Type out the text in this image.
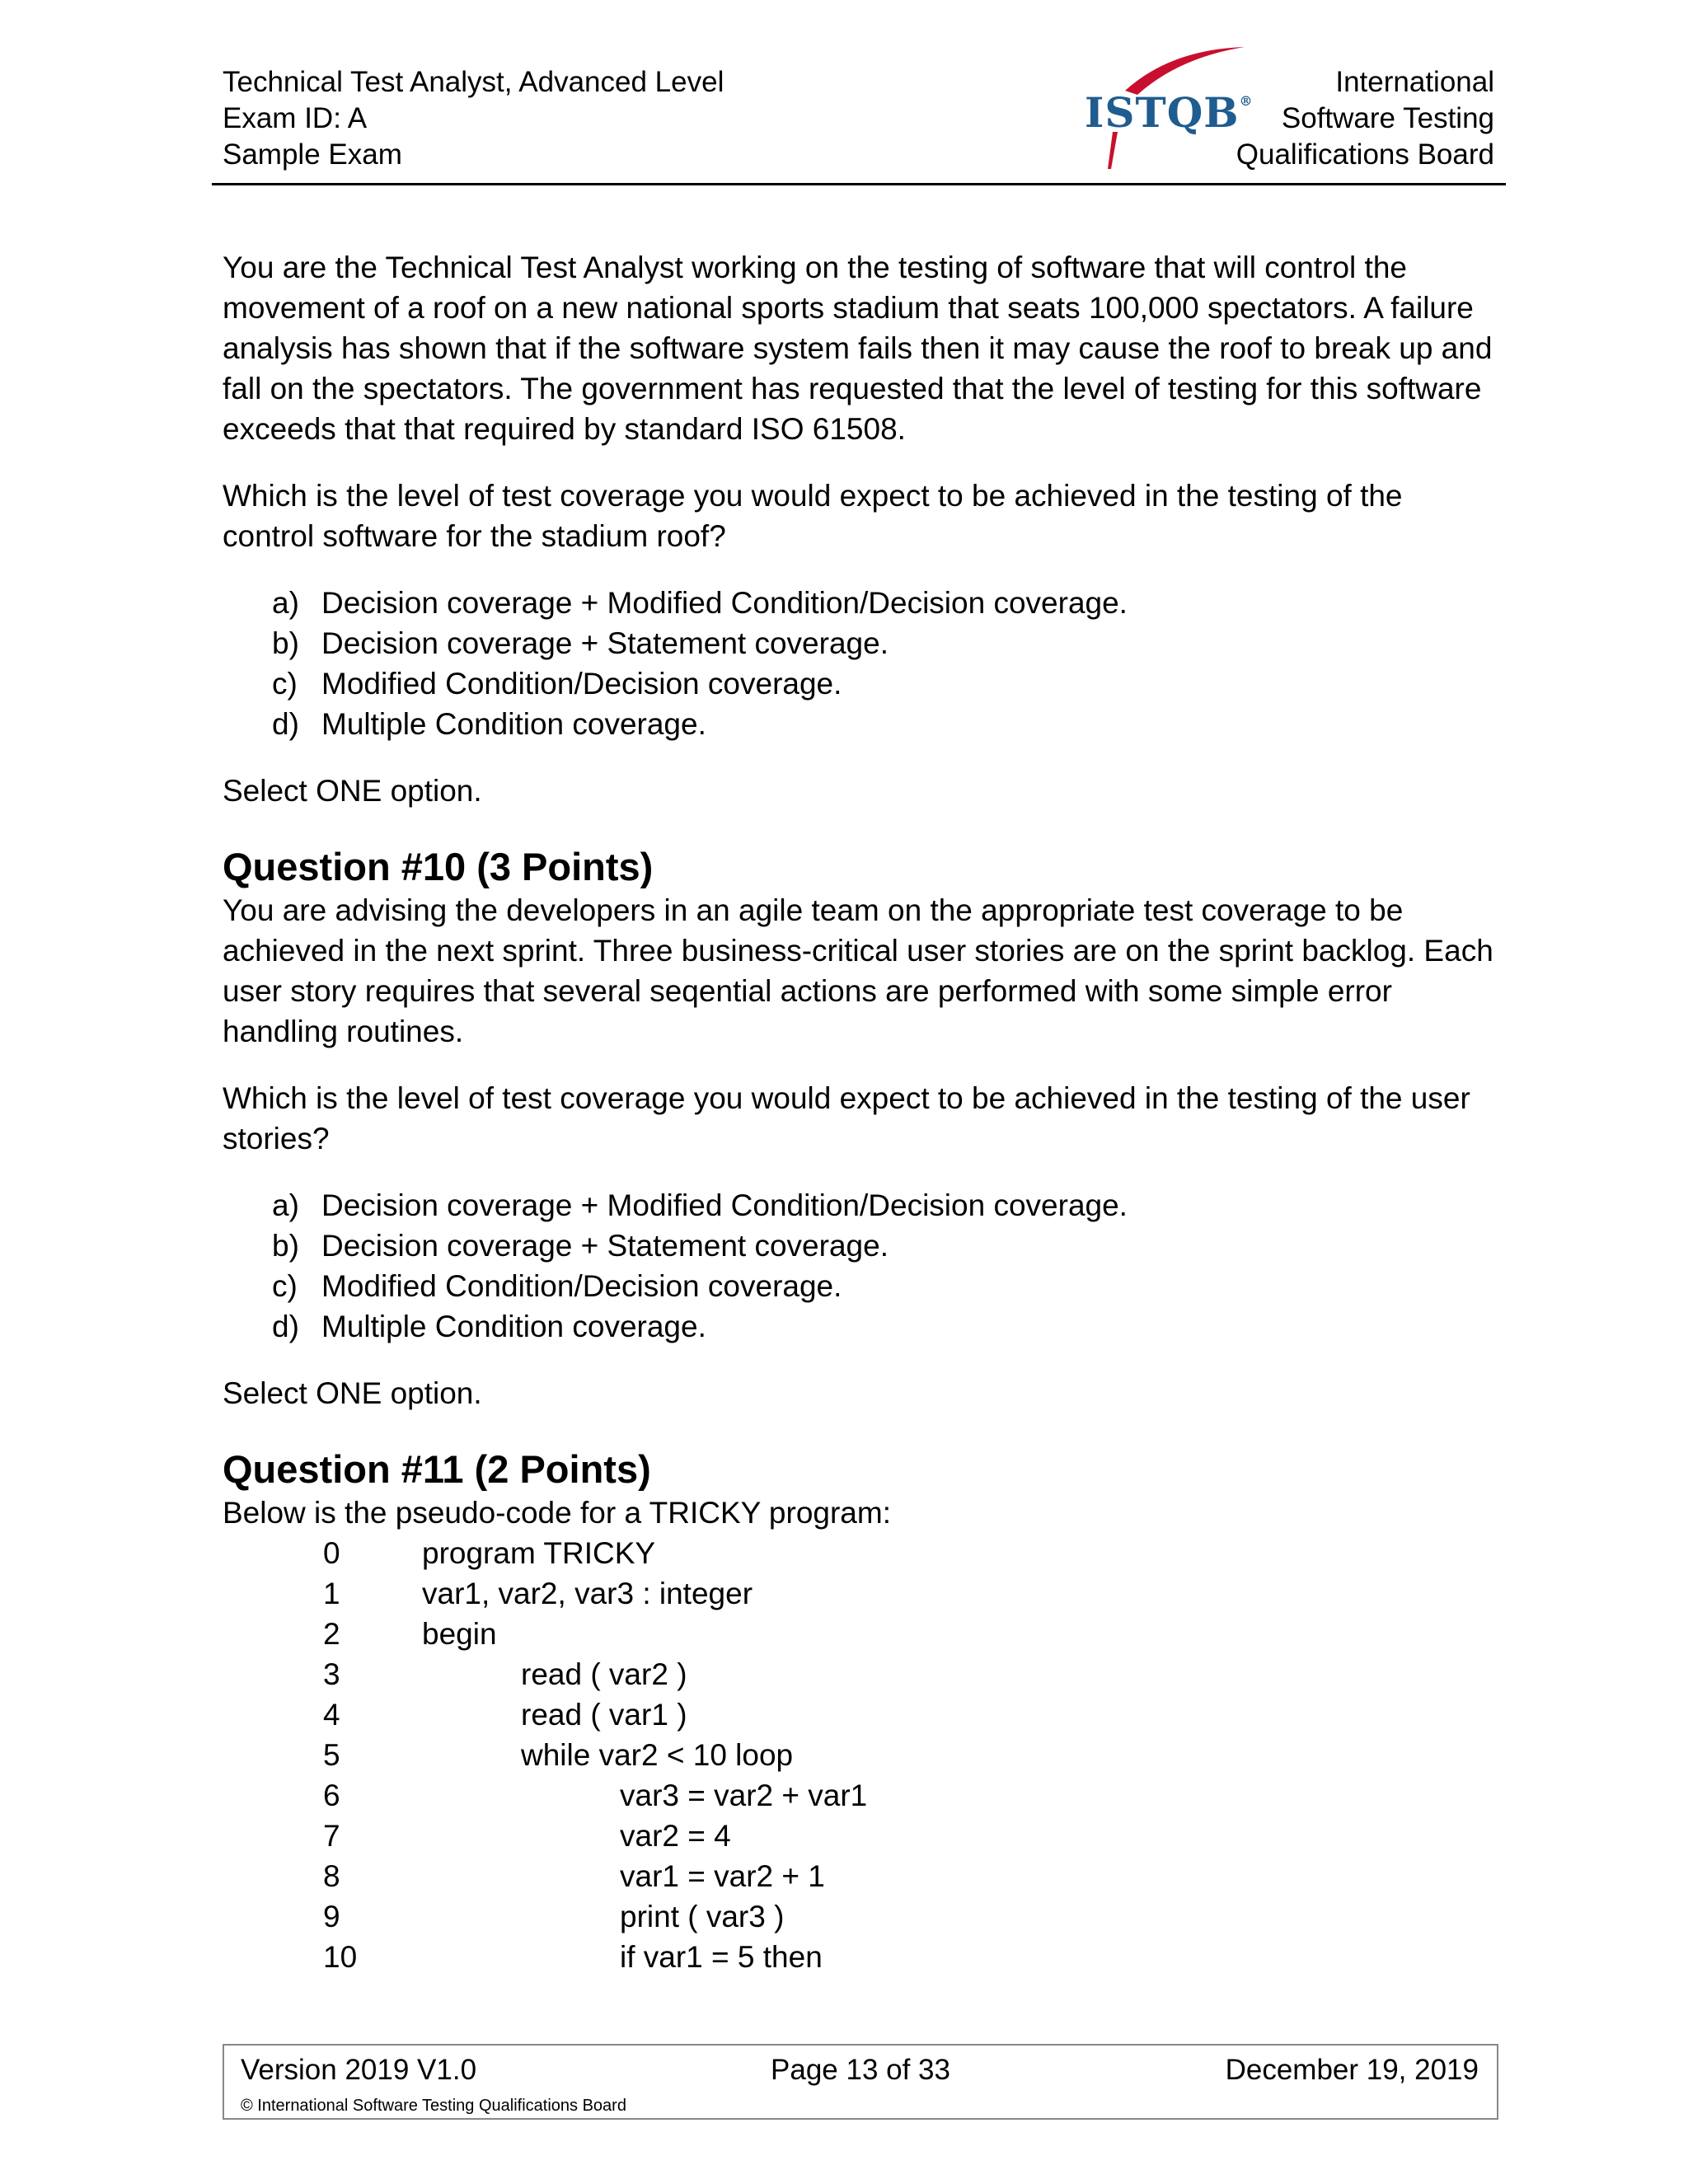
Technical Test Analyst, Advanced Level
Exam ID: A
Sample Exam
ISTQB®
International
Software Testing
Qualifications Board

You are the Technical Test Analyst working on the testing of software that will control the movement of a roof on a new national sports stadium that seats 100,000 spectators. A failure analysis has shown that if the software system fails then it may cause the roof to break up and fall on the spectators. The government has requested that the level of testing for this software exceeds that that required by standard ISO 61508.

Which is the level of test coverage you would expect to be achieved in the testing of the control software for the stadium roof?

a) Decision coverage + Modified Condition/Decision coverage.
b) Decision coverage + Statement coverage.
c) Modified Condition/Decision coverage.
d) Multiple Condition coverage.

Select ONE option.

Question #10 (3 Points)

You are advising the developers in an agile team on the appropriate test coverage to be achieved in the next sprint. Three business-critical user stories are on the sprint backlog. Each user story requires that several seqential actions are performed with some simple error handling routines.

Which is the level of test coverage you would expect to be achieved in the testing of the user stories?

a) Decision coverage + Modified Condition/Decision coverage.
b) Decision coverage + Statement coverage.
c) Modified Condition/Decision coverage.
d) Multiple Condition coverage.

Select ONE option.

Question #11 (2 Points)

Below is the pseudo-code for a TRICKY program:

0	program TRICKY
1	var1, var2, var3 : integer
2	begin
3	read ( var2 )
4	read ( var1 )
5	while var2 < 10 loop
6	var3 = var2 + var1
7	var2 = 4
8	var1 = var2 + 1
9	print ( var3 )
10	if var1 = 5 then
Version 2019 V1.0	Page 13 of 33	December 19, 2019
© International Software Testing Qualifications Board
